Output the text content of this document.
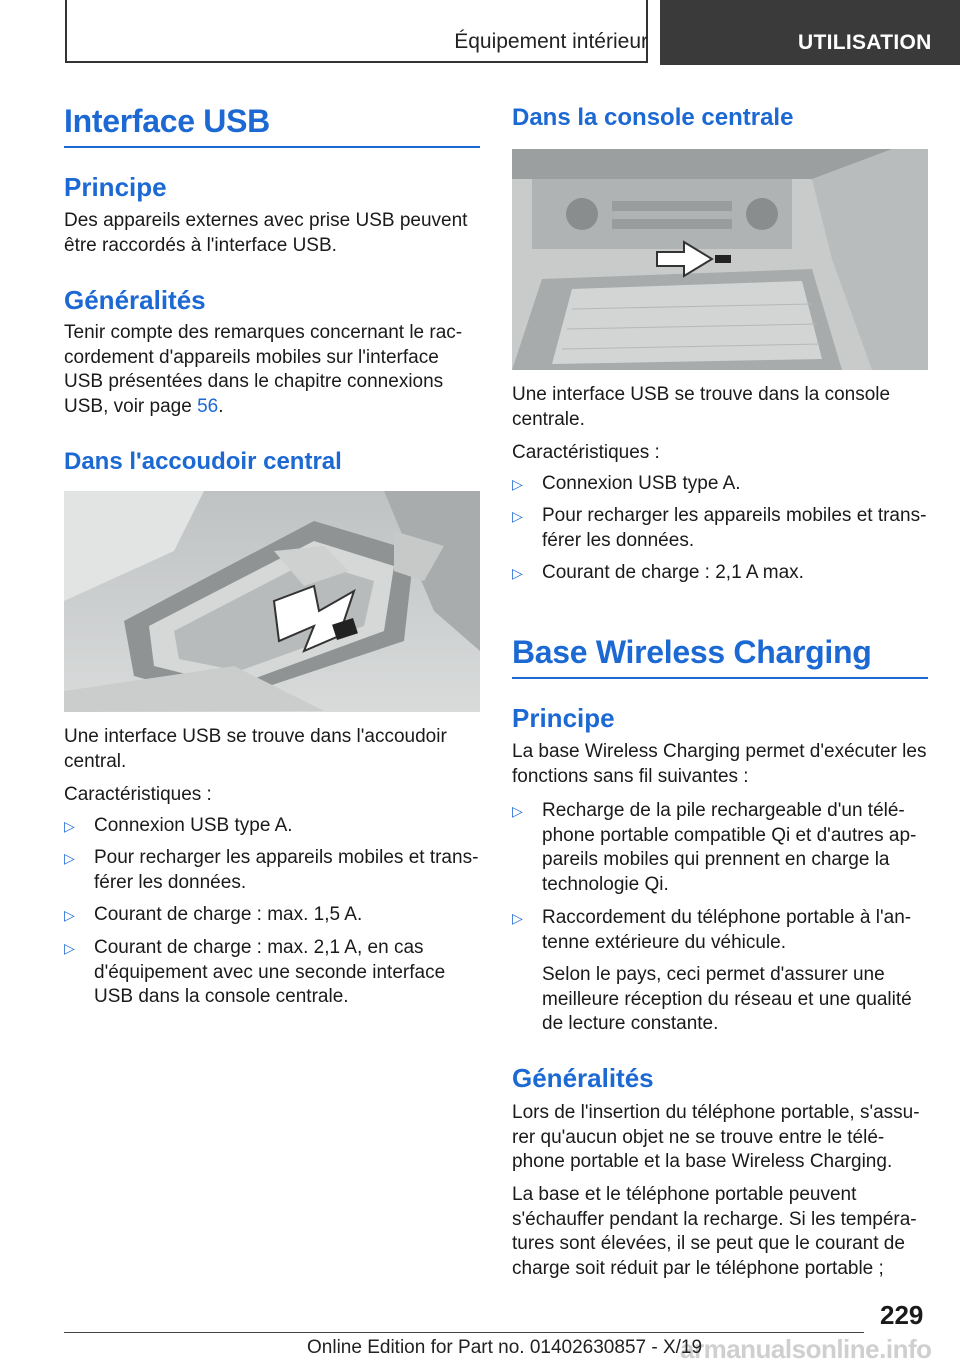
Équipement intérieur	UTILISATION
Interface USB
Principe
Des appareils externes avec prise USB peuvent être raccordés à l'interface USB.
Généralités
Tenir compte des remarques concernant le rac‐ cordement d'appareils mobiles sur l'interface USB présentées dans le chapitre connexions USB, voir page 56.
Dans l'accoudoir central
Une interface USB se trouve dans l'accoudoir central.
Caractéristiques :
▷ Connexion USB type A.
▷ Pour recharger les appareils mobiles et trans‐ férer les données.
▷ Courant de charge : max. 1,5 A.
▷ Courant de charge : max. 2,1 A, en cas d'équipement avec une seconde interface USB dans la console centrale.
Dans la console centrale
Une interface USB se trouve dans la console centrale.
Caractéristiques :
▷ Connexion USB type A.
▷ Pour recharger les appareils mobiles et trans‐ férer les données.
▷ Courant de charge : 2,1 A max.
Base Wireless Charging
Principe
La base Wireless Charging permet d'exécuter les fonctions sans fil suivantes :
▷ Recharge de la pile rechargeable d'un télé‐ phone portable compatible Qi et d'autres ap‐ pareils mobiles qui prennent en charge la technologie Qi.
▷ Raccordement du téléphone portable à l'an‐ tenne extérieure du véhicule.
Selon le pays, ceci permet d'assurer une meilleure réception du réseau et une qualité de lecture constante.
Généralités
Lors de l'insertion du téléphone portable, s'assu‐ rer qu'aucun objet ne se trouve entre le télé‐ phone portable et la base Wireless Charging.
La base et le téléphone portable peuvent s'échauffer pendant la recharge. Si les tempéra‐ tures sont élevées, il se peut que le courant de charge soit réduit par le téléphone portable ;
229
armanualsonline.info
Online Edition for Part no. 01402630857 - X/19
